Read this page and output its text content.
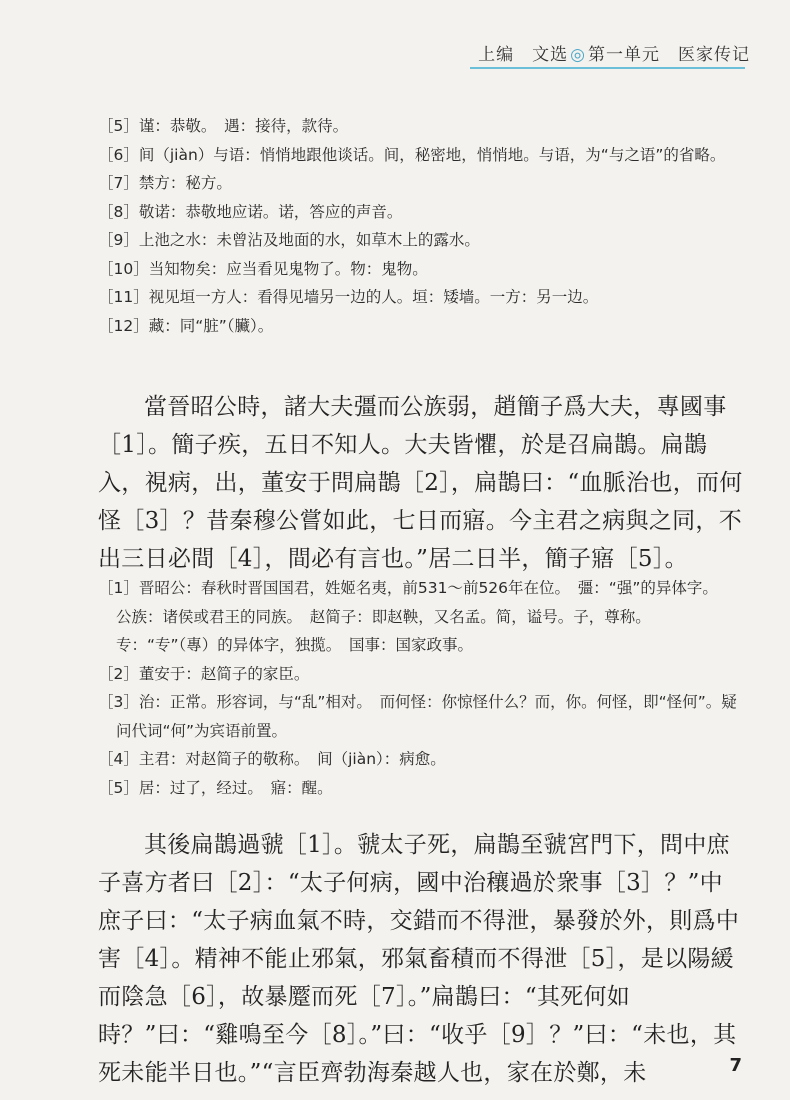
上编　文选 ◎ 第一单元　医家传记

［5］谨：恭敬。　遇：接待，款待。

［6］间（jiàn）与语：悄悄地跟他谈话。间，秘密地，悄悄地。与语，为“与之语”的省略。

［7］禁方：秘方。

［8］敬诺：恭敬地应诺。诺，答应的声音。

［9］上池之水：未曾沾及地面的水，如草木上的露水。

［10］当知物矣：应当看见鬼物了。物：鬼物。

［11］视见垣一方人：看得见墙另一边的人。垣：矮墙。一方：另一边。

［12］藏：同“脏”（臟）。

當晉昭公時，諸大夫彊而公族弱，趙簡子爲大夫，專國事［1］。簡子疾，五日不知人。大夫皆懼，於是召扁鵲。扁鵲入，視病，出，董安于問扁鵲［2］，扁鵲曰：“血脈治也，而何怪［3］？昔秦穆公嘗如此，七日而寤。今主君之病與之同，不出三日必間［4］，間必有言也。”居二日半，簡子寤［5］。

［1］晋昭公：春秋时晋国国君，姓姬名夷，前531～前526年在位。　彊：“强”的异体字。　公族：诸侯或君王的同族。　赵简子：即赵鞅，又名孟。简，谥号。子，尊称。　专：“专”（專）的异体字，独揽。　国事：国家政事。

［2］董安于：赵简子的家臣。

［3］治：正常。形容词，与“乱”相对。　而何怪：你惊怪什么？而，你。何怪，即“怪何”。疑问代词“何”为宾语前置。

［4］主君：对赵简子的敬称。　间（jiàn）：病愈。

［5］居：过了，经过。　寤：醒。

其後扁鵲過虢［1］。虢太子死，扁鵲至虢宮門下，問中庶子喜方者曰［2］：“太子何病，國中治穰過於衆事［3］？”中庶子曰：“太子病血氣不時，交錯而不得泄，暴發於外，則爲中害［4］。精神不能止邪氣，邪氣畜積而不得泄［5］，是以陽緩而陰急［6］，故暴蹷而死［7］。”扁鵲曰：“其死何如時？”曰：“雞鳴至今［8］。”曰：“收乎［9］？”曰：“未也，其死未能半日也。”“言臣齊勃海秦越人也，家在於鄭，未	7
